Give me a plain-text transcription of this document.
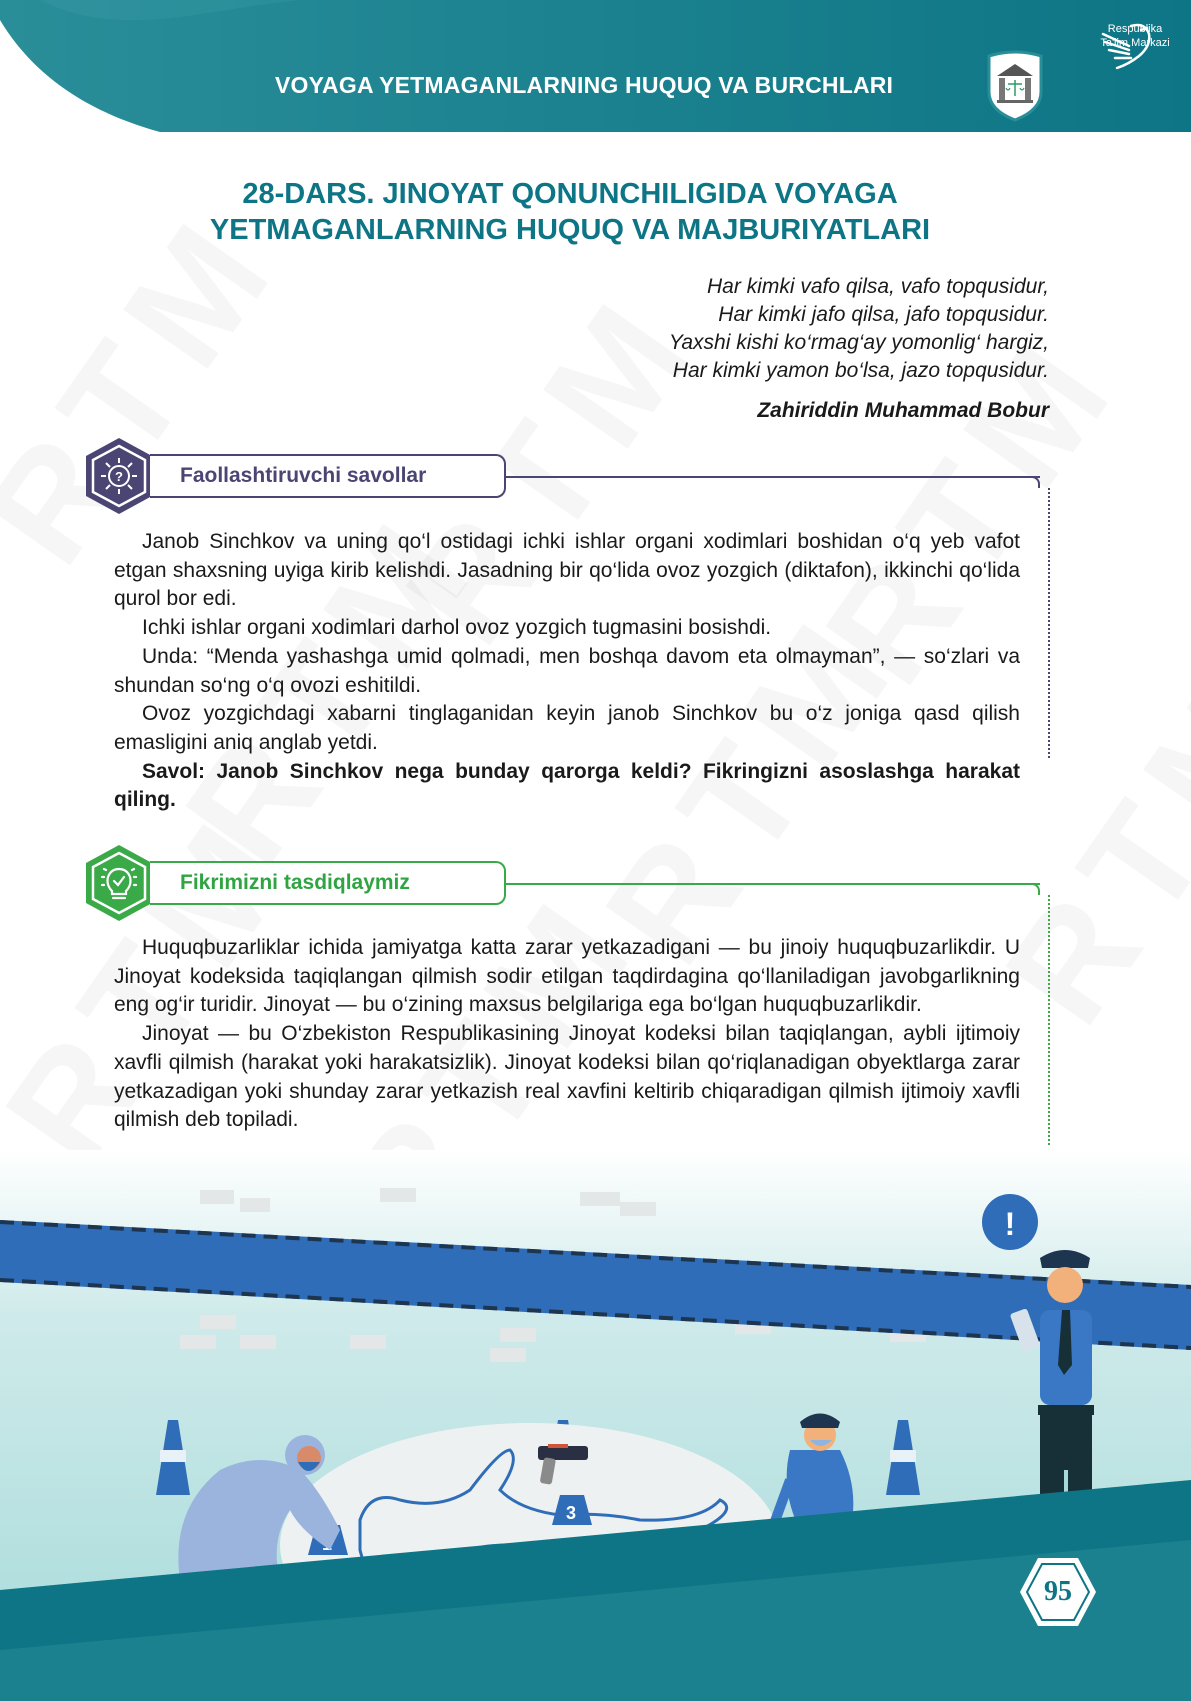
VOYAGA YETMAGANLARNING HUQUQ VA BURCHLARI
Respublika
Ta'lim Markazi
28-DARS. JINOYAT QONUNCHILIGIDA VOYAGA
YETMAGANLARNING HUQUQ VA MAJBURIYATLARI
Har kimki vafo qilsa, vafo topqusidur,
Har kimki jafo qilsa, jafo topqusidur.
Yaxshi kishi ko‘rmag‘ay yomonlig‘ hargiz,
Har kimki yamon bo‘lsa, jazo topqusidur.
Zahiriddin Muhammad Bobur
?	Faollashtiruvchi savollar

Janob Sinchkov va uning qo‘l ostidagi ichki ishlar organi xodimlari boshidan o‘q yeb vafot etgan shaxsning uyiga kirib kelishdi. Jasadning bir qo‘lida ovoz yozgich (diktafon), ikkinchi qo‘lida qurol bor edi.

Ichki ishlar organi xodimlari darhol ovoz yozgich tugmasini bosishdi.

Unda: “Menda yashashga umid qolmadi, men boshqa davom eta olmayman”, — so‘zlari va shundan so‘ng o‘q ovozi eshitildi.

Ovoz yozgichdagi xabarni tinglaganidan keyin janob Sinchkov bu o‘z joniga qasd qilish emasligini aniq anglab yetdi.

Savol: Janob Sinchkov nega bunday qarorga keldi? Fikringizni asoslashga harakat qiling.

Fikrimizni tasdiqlaymiz

Huquqbuzarliklar ichida jamiyatga katta zarar yetkazadigani — bu jinoiy huquqbuzarlikdir. U Jinoyat kodeksida taqiqlangan qilmish sodir etilgan taqdirdagina qo‘llaniladigan javobgarlikning eng og‘ir turidir. Jinoyat — bu o‘zining maxsus belgilariga ega bo‘lgan huquqbuzarlikdir.

Jinoyat — bu O‘zbekiston Respublikasining Jinoyat kodeksi bilan taqiqlangan, aybli ijtimoiy xavfli qilmish (harakat yoki harakatsizlik). Jinoyat kodeksi bilan qo‘riqlanadigan obyektlarga zarar yetkazadigan yoki shunday zarar yetkazish real xavfini keltirib chiqaradigan qilmish ijtimoiy xavfli qilmish deb topiladi.

3
!
95
